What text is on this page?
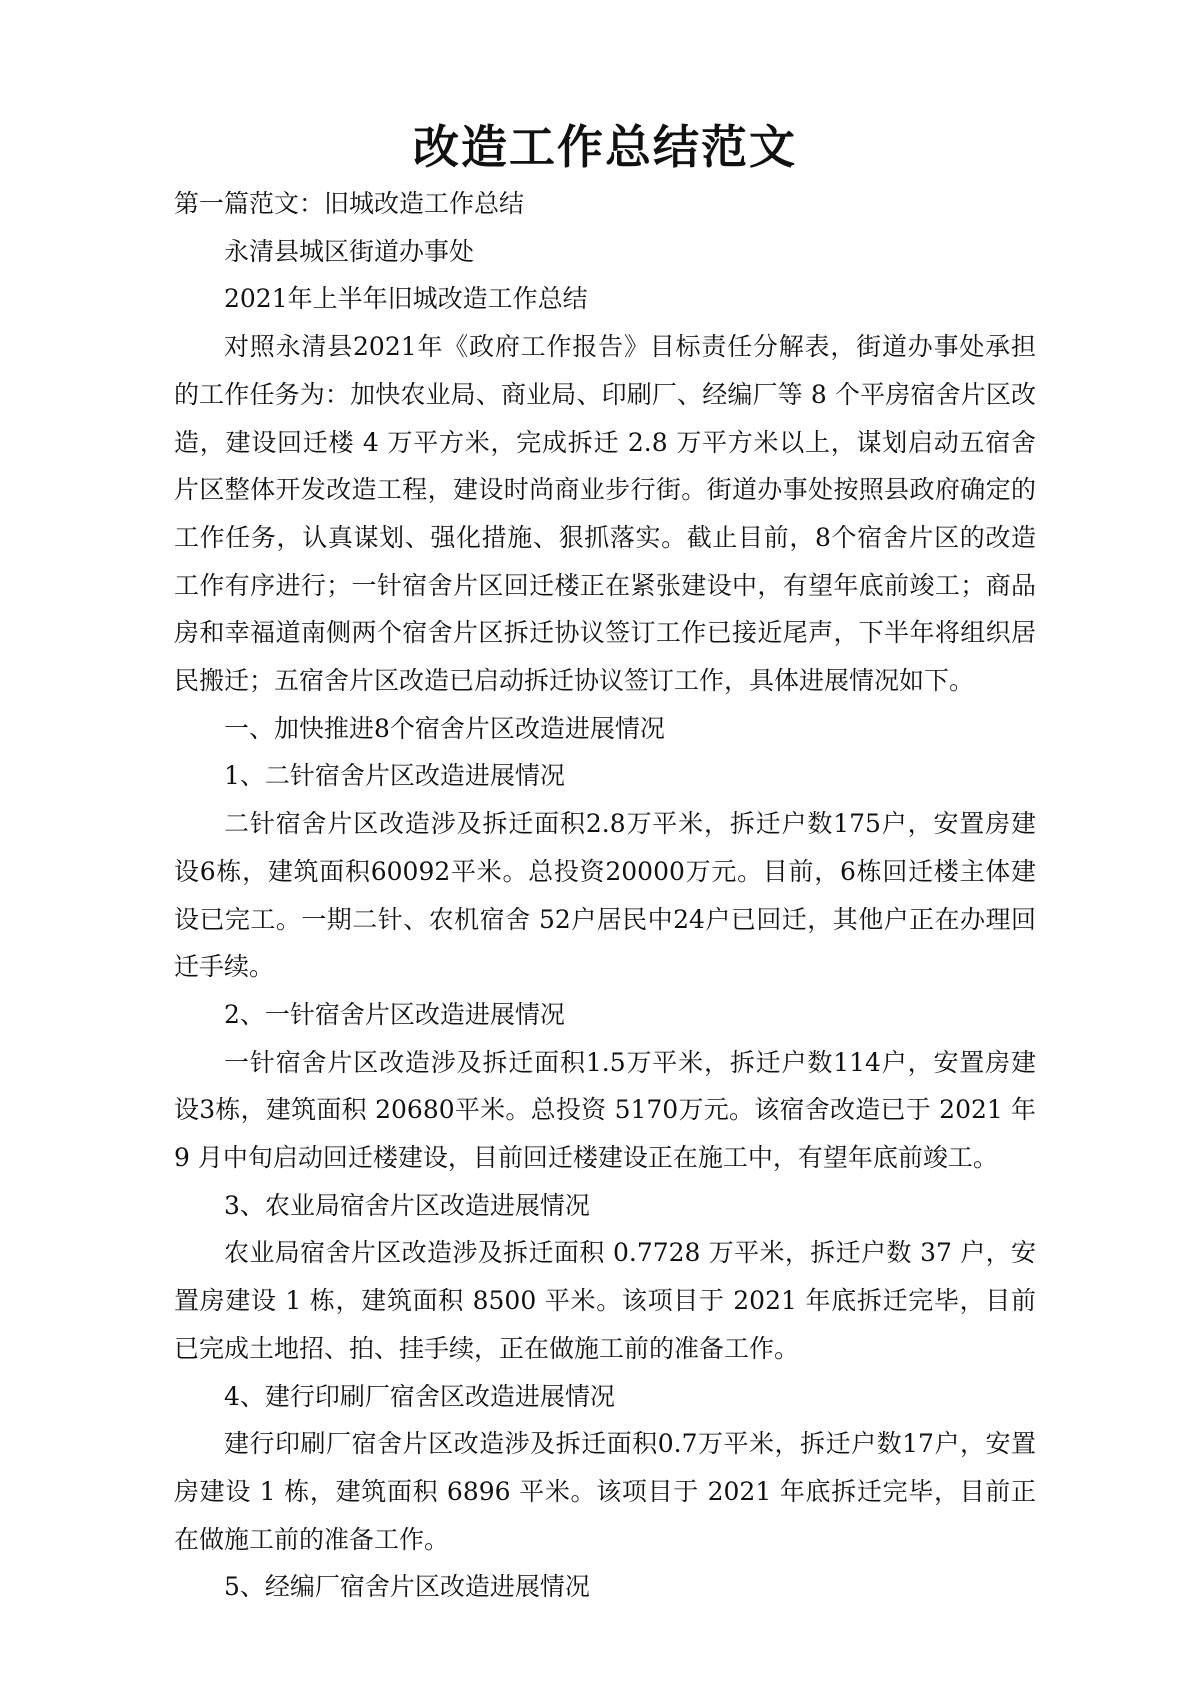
改造工作总结范文

第一篇范文：旧城改造工作总结

永清县城区街道办事处

2021年上半年旧城改造工作总结

对照永清县2021年《政府工作报告》目标责任分解表，街道办事处承担的工作任务为：加快农业局、商业局、印刷厂、经编厂等 8 个平房宿舍片区改造，建设回迁楼 4 万平方米，完成拆迁 2.8 万平方米以上，谋划启动五宿舍片区整体开发改造工程，建设时尚商业步行街。街道办事处按照县政府确定的工作任务，认真谋划、强化措施、狠抓落实。截止目前，8个宿舍片区的改造工作有序进行；一针宿舍片区回迁楼正在紧张建设中，有望年底前竣工；商品房和幸福道南侧两个宿舍片区拆迁协议签订工作已接近尾声，下半年将组织居民搬迁；五宿舍片区改造已启动拆迁协议签订工作，具体进展情况如下。

一、加快推进8个宿舍片区改造进展情况

1、二针宿舍片区改造进展情况

二针宿舍片区改造涉及拆迁面积2.8万平米，拆迁户数175户，安置房建设6栋，建筑面积60092平米。总投资20000万元。目前，6栋回迁楼主体建设已完工。一期二针、农机宿舍 52户居民中24户已回迁，其他户正在办理回迁手续。

2、一针宿舍片区改造进展情况

一针宿舍片区改造涉及拆迁面积1.5万平米，拆迁户数114户，安置房建设3栋，建筑面积 20680平米。总投资 5170万元。该宿舍改造已于 2021 年 9 月中旬启动回迁楼建设，目前回迁楼建设正在施工中，有望年底前竣工。

3、农业局宿舍片区改造进展情况

农业局宿舍片区改造涉及拆迁面积 0.7728 万平米，拆迁户数 37 户，安置房建设 1 栋，建筑面积 8500 平米。该项目于 2021 年底拆迁完毕，目前已完成土地招、拍、挂手续，正在做施工前的准备工作。

4、建行印刷厂宿舍区改造进展情况

建行印刷厂宿舍片区改造涉及拆迁面积0.7万平米，拆迁户数17户，安置房建设 1 栋，建筑面积 6896 平米。该项目于 2021 年底拆迁完毕，目前正在做施工前的准备工作。

5、经编厂宿舍片区改造进展情况
